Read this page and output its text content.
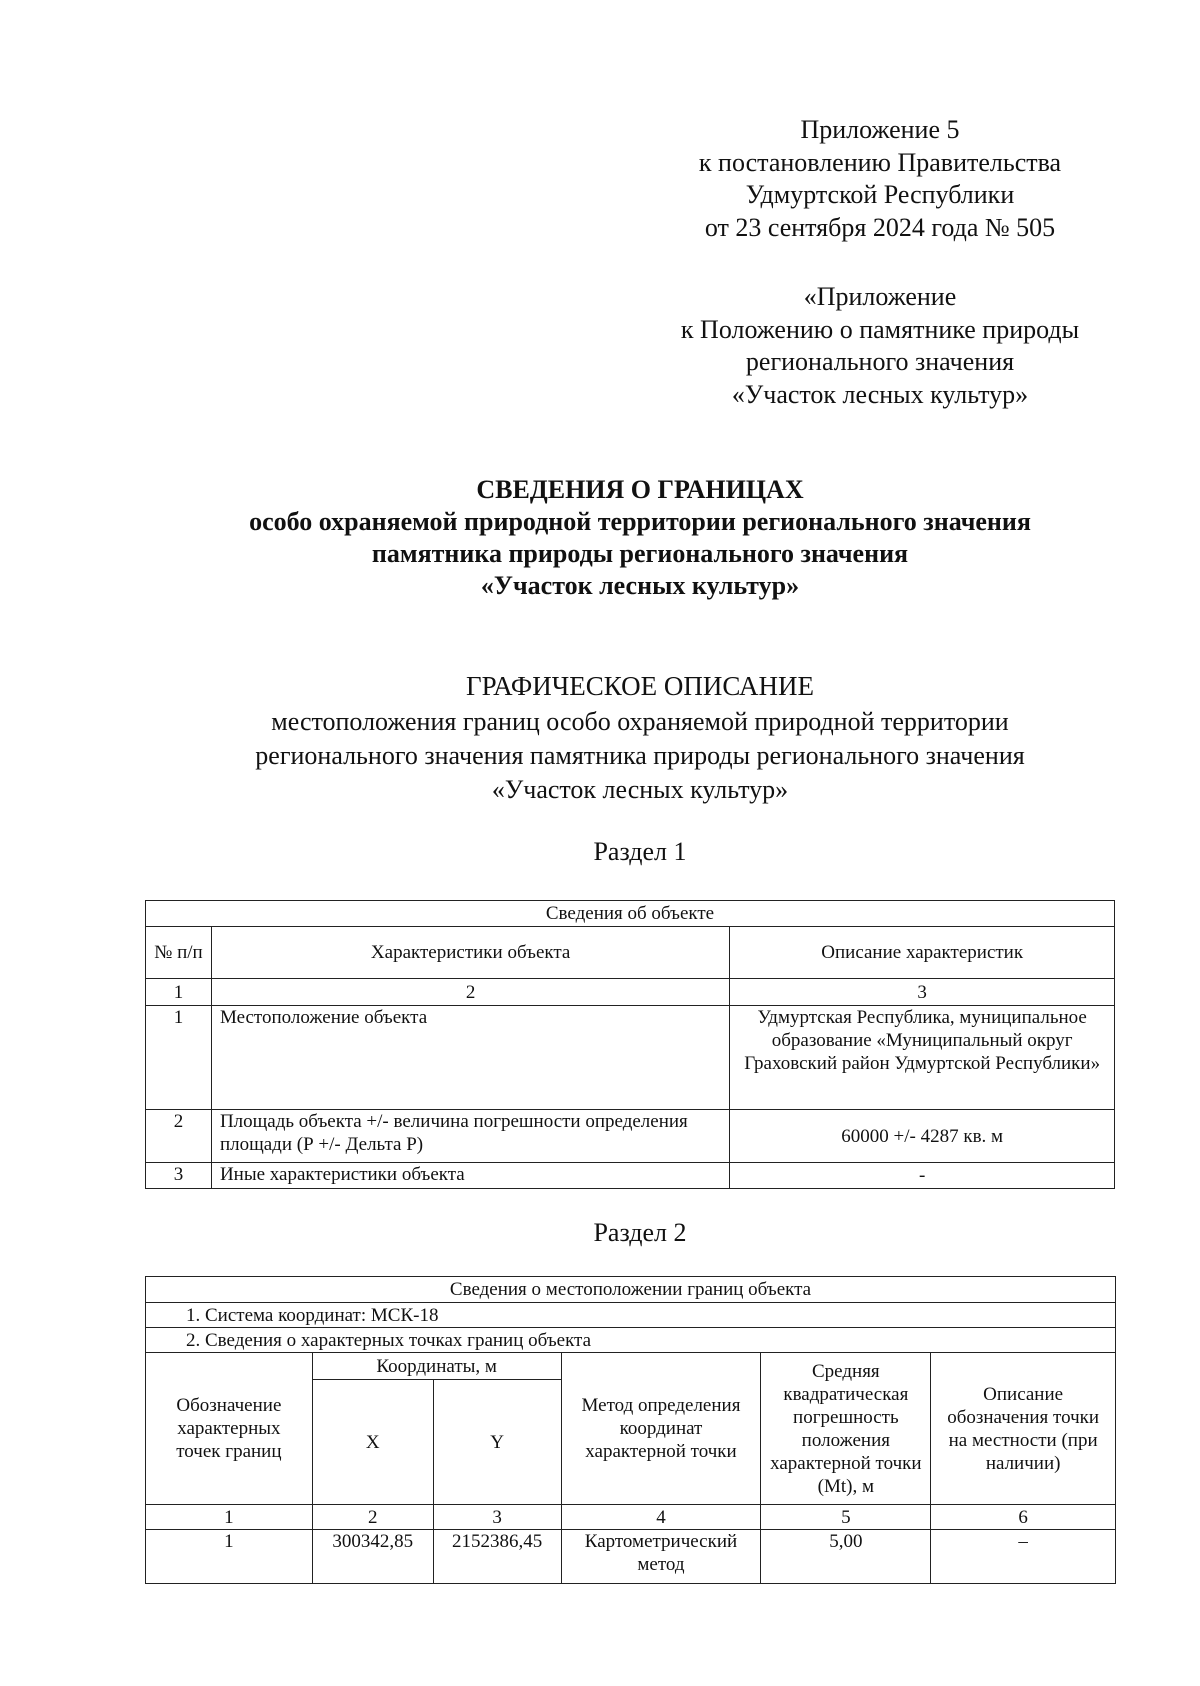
Приложение 5
к постановлению Правительства
Удмуртской Республики
от 23 сентября 2024 года № 505
«Приложение
к Положению о памятнике природы
регионального значения
«Участок лесных культур»
СВЕДЕНИЯ О ГРАНИЦАХ
особо охраняемой природной территории регионального значения
памятника природы регионального значения
«Участок лесных культур»
ГРАФИЧЕСКОЕ ОПИСАНИЕ
местоположения границ особо охраняемой природной территории
регионального значения памятника природы регионального значения
«Участок лесных культур»
Раздел 1
Сведения об объекте		
№ п/п	Характеристики объекта	Описание характеристик
1	2	3
1	Местоположение объекта	Удмуртская Республика, муниципальное образование «Муниципальный округ Граховский район Удмуртской Республики»
2	Площадь объекта +/- величина погрешности определения площади (Р +/- Дельта Р)	60000 +/- 4287 кв. м
3	Иные характеристики объекта	-
Раздел 2
Сведения о местоположении границ объекта					
1. Система координат: МСК-18					
2. Сведения о характерных точках границ объекта					
Обозначение характерных точек границ	Координаты, м		Метод определения координат характерной точки	Средняя квадратическая погрешность положения характерной точки (Mt), м	Описание обозначения точки на местности (при наличии)
	X	Y			
1	2	3	4	5	6
1	300342,85	2152386,45	Картометрический метод	5,00	–
